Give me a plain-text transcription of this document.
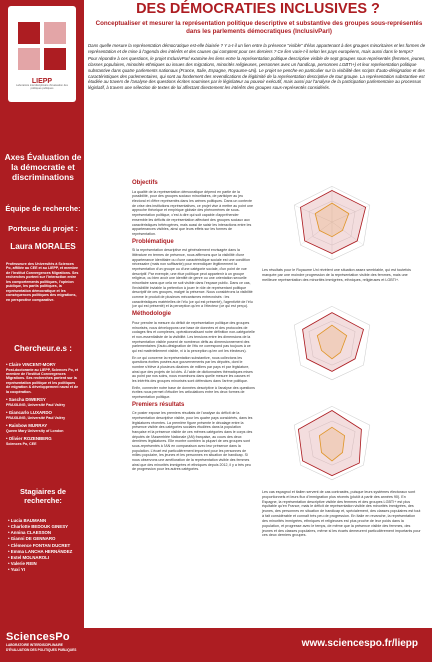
LIEPP
Laboratoire interdisciplinaire d'évaluation des politiques publiques
Axes Évaluation de la démocratie et discriminations
Équipe de recherche:
Porteuse du projet :
Laura MORALES
Professeure des Universités à Sciences Po, affiliée au CEE et au LIEPP, et membre de l'Institut Convergences Migrations. Ses recherches portent sur l'interaction entre les comportements politiques, l'opinion publique, les partis politiques, la représentation démocratique et les conséquences politiques des migrations, en perspective comparative.
Chercheur.e.s :
• Claire VINCENT-MORY
Post-doctorante au LIEPP, Sciences Po, et membre de l'Institut Convergences Migrations. Ses recherches portent sur la représentation politique et les politiques de migration & développement naval et de la coopération.
• Sascha DIWERSY
PRAXILING, Université Paul Valéry
• Giancarlo LUXARDO
PRAXILING, Université Paul Valéry
• Rainbow MURRAY
Queen Mary University of London
• Olivier ROZENBERG
Sciences Po, CEE
Stagiaires de recherche:
• Lucia BAUMANN
• Charlotte BEDOUK GINESY
• Annina CLAESSON
• Gianni DE GENNARO
• Clémence FONTAN DUCRET
• Emma LANCHA HERNÁNDEZ
• Estel MOLNAROLI
• Valerie REIN
• Yuxi YI
DES DÉMOCRATIES INCLUSIVES ?
Conceptualiser et mesurer la représentation politique descriptive et substantive des groupes sous-représentés dans les parlements démocratiques (InclusivParl)

Dans quelle mesure la représentation démocratique est-elle biaisée ? Y a-t-il un lien entre la présence "visible" d'élus appartenant à des groupes minoritaires et les formes de représentation et de mise à l'agenda des intérêts et des causes qui comptent pour ces derniers ? Ce lien varie-t-il selon les pays européens, mais aussi dans le temps?

Pour répondre à ces questions, le projet InclusivParl examine les liens entre la représentation politique descriptive visible de sept groupes sous-représentés (femmes, jeunes, classes populaires, minorités ethniques ou issues des migrations, minorités religieuses, personnes avec un handicap, personnes LGBTI+) et leur représentation politique substantive dans quatre parlements nationaux (France, Italie, Espagne, Royaume-Uni). Le projet se penche en particulier sur la visibilité des scripts d'auto-désignation et des caractéristiques des parlementaires, qui sont au fondement des revendications de légitimité de la représentation descriptive de tout groupe. La représentation substantive est étudiée au travers de l'analyse des questions écrites soumises par le législateur au pouvoir exécutif, mais aussi par l'analyse de la participation parlementaire au processus législatif, à travers une sélection de textes de loi affectant directement les intérêts des groupes sous-représentés considérés.

Objectifs

La qualité de la représentation démocratique dépend en partie de la possibilité, pour des groupes sociaux minoritaires, de participer au jeu électoral et d'être représentés dans les arènes politiques. Dans un contexte de crise des institutions représentatives, ce projet vise à mettre au point une approche théorique et empirique globale des phénomènes de sous-représentation politique, c'est à dire qui soit capable d'appréhender ensemble les déficits de représentation affectant des groupes sociaux aux caractéristiques hétérogènes, mais aussi de saisir les interactions entre les appartenances visibles, ainsi que leurs effets sur les formes de représentation.

Problématique

Si la représentation descriptive est généralement envisagée dans la littérature en termes de présence, nous affirmons que la visibilité d'une appartenance identitaire ou d'une caractéristique sociale est une condition nécessaire (mais non suffisante) pour revendiquer légitimement la représentation d'un groupe ou d'une catégorie sociale, d'un point de vue descriptif. Par exemple, une élue politique peut appartenir à un groupe religieux, ou bien avoir une identité de genre ou une orientation sexuelle minoritaire sans que cela ne soit visible dans l'espace public. Dans ce cas, l'invisibilité inviable la prétention à jouer le rôle de représentant politique descriptif de ces groupes, malgré la présence. Nous considérons la visibilité comme le produit de plusieurs mécanismes entrecroisés : les caractéristiques matérielles de l'élu (ce qui est présenté), l'agentivité de l'élu (ce qui est présenté) et la perception qu'en a l'électeur (ce qui est perçu).

Méthodologie

Pour prendre la mesure du déficit de représentation politique des groupes minorisés, nous développons une base de données et des protocoles de codages fins et complexes, opérationnalisant notre définition non-catégorielle et non-essentialiste de la visibilité. Les tensions entre les dimensions de la représentation visible posent de nombreux défis au dimensionnement des parlementaires (l'auto-désignation de l'élu ne correspond pas toujours à ce qui est matériellement visible, ni à la perception qu'en ont les électeurs).

En ce qui concerne la représentation substantive, nous collectons les questions écrites posées aux gouvernements par les députés, dont le nombre s'élève à plusieurs dizaines de milliers par pays et par législature, ainsi que des projets de loi clés. À l'aide de dictionnaires thématiques mises au point par nos soins, nous examinons dans quelle mesure les causes et les intérêts des groupes minorisés sont défendues dans l'arène politique.

Enfin, connecter notre base de données descriptive à l'analyse des questions écrites nous permet d'étudier les articulations entre les deux formes de représentation politique.

Premiers résultats

Ce poster expose les premiers résultats de l'analyse du déficit de la représentation descriptive visible, pour les quatre pays considérés, dans les législatures récentes. La première figure présente le décalage entre la présence visible des catégories sociales étudiées dans la population française et la présence visible de ces mêmes catégories dans le corps des députés de l'Assemblée Nationale (AN) française, au cours des deux dernières législatures. Elle montre combien la plupart de ces groupes sont sous-représentés à l'AN en comparaison avec leur présence dans la population. L'écart est particulièrement important pour les personnes de milieu populaire, les jeunes et les personnes en situation de handicap. Si nous observons une amélioration de la représentation visible des femmes ainsi que des minorités immigrées et ethniques depuis 2012, il y a très peu de progression pour les autres catégories.

Les résultats pour le Royaume Uni révèlent une situation assez semblable, qui est toutefois marquée par une moindre progression de la représentation visible des femmes, mais une meilleure représentation des minorités immigrées, ethniques, religieuses et LGBTI+.
Les cas espagnol et italien servent de cas contrastés, puisque leurs systèmes électoraux sont proportionnels et leurs flux d'immigration plus récents (plutôt à partir des années 90). En Espagne, la représentation descriptive visible des femmes et des groupes LGBTI+ est plus équitable qu'en France, mais le déficit de représentation visible des minorités immigrées, des jeunes, des personnes en situation de handicap et, spécialement, des classes populaires est tout à fait considérable et connaît très peu de progression. En Italie en revanche, la représentation des minorités immigrées, ethniques et religieuses est plus proche de leur poids dans la population, et progresse avec le temps, de même que la présence visible des femmes, des jeunes et des classes populaires, même si les écarts demeurent particulièrement importants pour ces deux derniers groupes.
SciencesPo
LABORATOIRE INTERDISCIPLINAIRE
D'ÉVALUATION DES POLITIQUES PUBLIQUES
www.sciencespo.fr/liepp
